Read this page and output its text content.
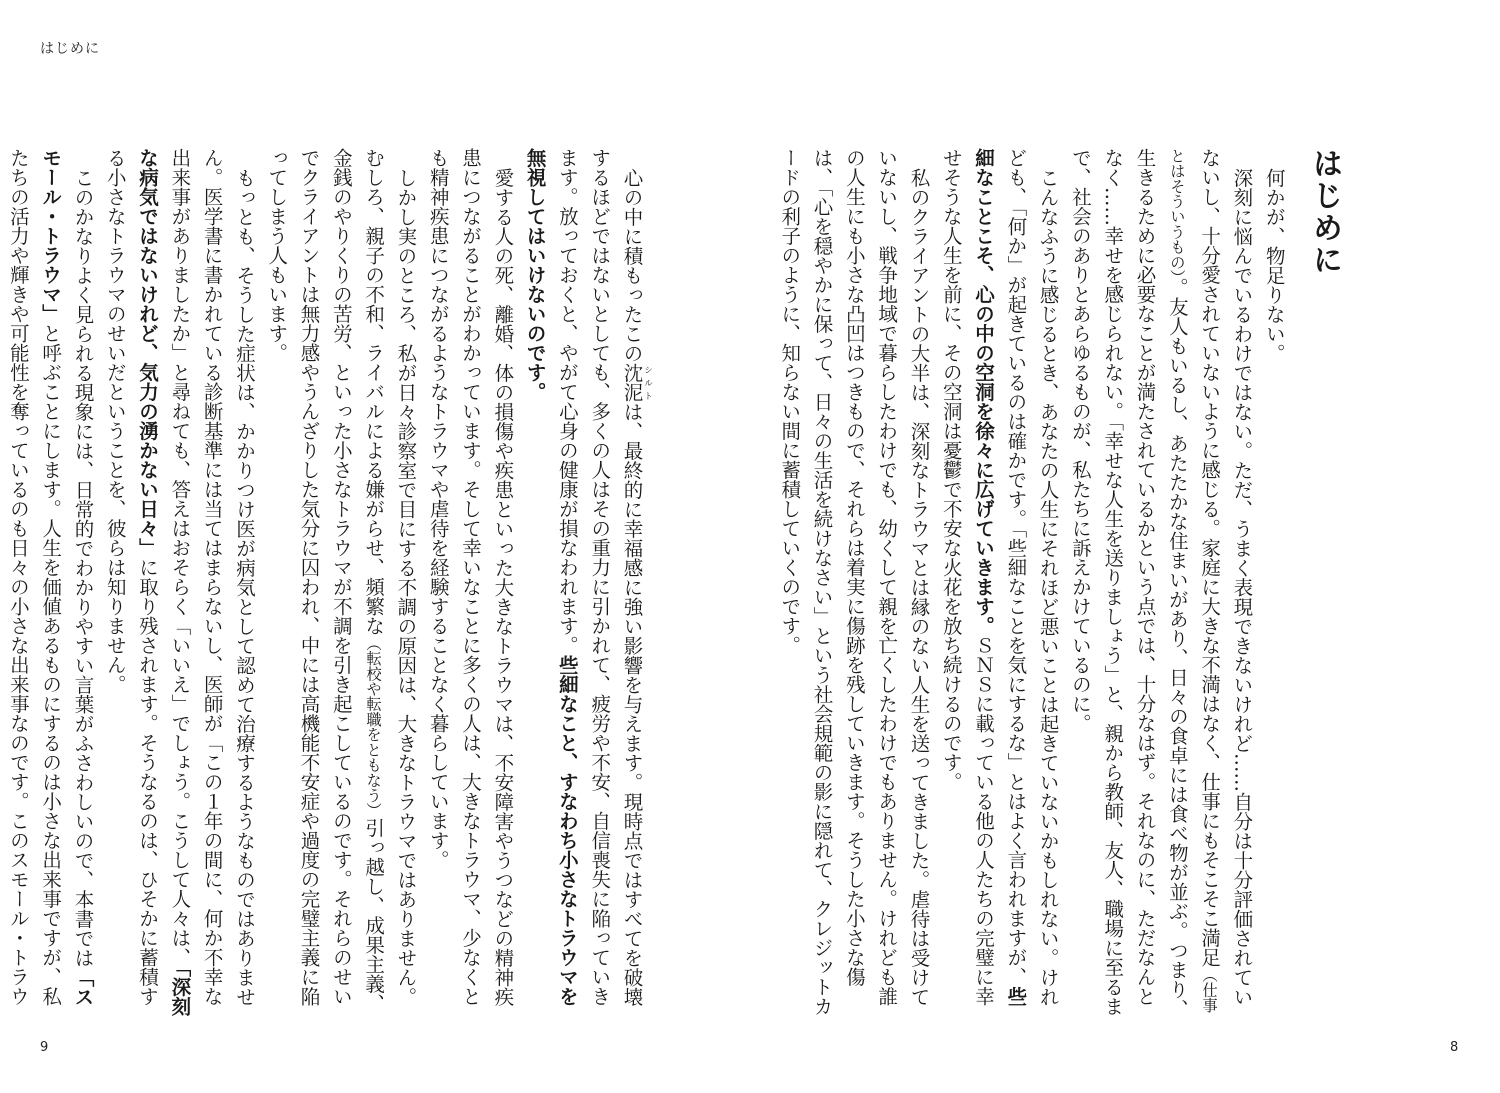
はじめに
はじめに

何かが、物足りない。

深刻に悩んでいるわけではない。ただ、うまく表現できないけれど……自分は十分評価されていないし、十分愛されていないように感じる。家庭に大きな不満はなく、仕事にもそこそこ満足（仕事とはそういうもの）。友人もいるし、あたたかな住まいがあり、日々の食卓には食べ物が並ぶ。つまり、生きるために必要なことが満たされているかという点では、十分なはず。それなのに、ただなんとなく……幸せを感じられない。「幸せな人生を送りましょう」と、親から教師、友人、職場に至るまで、社会のありとあらゆるものが、私たちに訴えかけているのに。

こんなふうに感じるとき、あなたの人生にそれほど悪いことは起きていないかもしれない。けれども、「何か」が起きているのは確かです。「些細なことを気にするな」とはよく言われますが、些細なことこそ、心の中の空洞を徐々に広げていきます。ＳＮＳに載っている他の人たちの完璧に幸せそうな人生を前に、その空洞は憂鬱で不安な火花を放ち続けるのです。

私のクライアントの大半は、深刻なトラウマとは縁のない人生を送ってきました。虐待は受けていないし、戦争地域で暮らしたわけでも、幼くして親を亡くしたわけでもありません。けれども誰の人生にも小さな凸凹はつきもので、それらは着実に傷跡を残していきます。そうした小さな傷は、「心を穏やかに保って、日々の生活を続けなさい」という社会規範の影に隠れて、クレジットカードの利子のように、知らない間に蓄積していくのです。

心の中に積もったこの沈泥シルトは、最終的に幸福感に強い影響を与えます。現時点ではすべてを破壊するほどではないとしても、多くの人はその重力に引かれて、疲労や不安、自信喪失に陥っていきます。放っておくと、やがて心身の健康が損なわれます。些細なこと、すなわち小さなトラウマを無視してはいけないのです。

愛する人の死、離婚、体の損傷や疾患といった大きなトラウマは、不安障害やうつなどの精神疾患につながることがわかっています。そして幸いなことに多くの人は、大きなトラウマ、少なくとも精神疾患につながるようなトラウマや虐待を経験することなく暮らしています。

しかし実のところ、私が日々診察室で目にする不調の原因は、大きなトラウマではありません。むしろ、親子の不和、ライバルによる嫌がらせ、頻繁な（転校や転職をともなう）引っ越し、成果主義、金銭のやりくりの苦労、といった小さなトラウマが不調を引き起こしているのです。それらのせいでクライアントは無力感やうんざりした気分に囚われ、中には高機能不安症や過度の完璧主義に陥ってしまう人もいます。

もっとも、そうした症状は、かかりつけ医が病気として認めて治療するようなものではありません。医学書に書かれている診断基準には当てはまらないし、医師が「この１年の間に、何か不幸な出来事がありましたか」と尋ねても、答えはおそらく「いいえ」でしょう。こうして人々は、「深刻な病気ではないけれど、気力の湧かない日々」に取り残されます。そうなるのは、ひそかに蓄積する小さなトラウマのせいだということを、彼らは知りません。

このかなりよく見られる現象には、日常的でわかりやすい言葉がふさわしいので、本書では「スモール・トラウマ」と呼ぶことにします。人生を価値あるものにするのは小さな出来事ですが、私たちの活力や輝きや可能性を奪っているのも日々の小さな出来事なのです。このスモール・トラウ

9	8
